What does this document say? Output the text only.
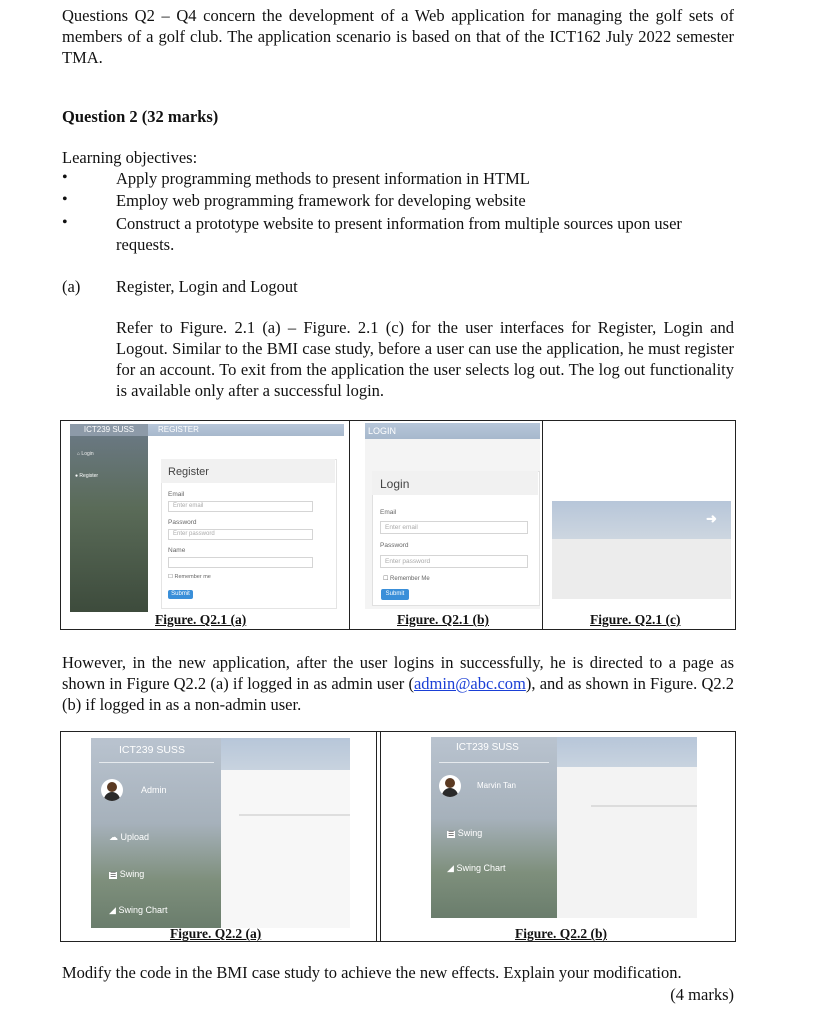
Questions Q2 – Q4 concern the development of a Web application for managing the golf sets of members of a golf club. The application scenario is based on that of the ICT162 July 2022 semester TMA.
Question 2 (32 marks)
Learning objectives:
•	Apply programming methods to present information in HTML
•	Employ web programming framework for developing website
•	Construct a prototype website to present information from multiple sources upon user requests.
(a) Register, Login and Logout
Refer to Figure. 2.1 (a) – Figure. 2.1 (c) for the user interfaces for Register, Login and Logout. Similar to the BMI case study, before a user can use the application, he must register for an account. To exit from the application the user selects log out. The log out functionality is available only after a successful login.
ICT239 SUSS	REGISTER
⌂ Login
● Register	Register
Email
Enter email
Password
Enter password
Name
☐ Remember me
Submit
LOGIN
Login
Email
Enter email
Password
Enter password
☐ Remember Me
Submit
➜
Figure. Q2.1 (a)	Figure. Q2.1 (b)	Figure. Q2.1 (c)
However, in the new application, after the user logins in successfully, he is directed to a page as shown in Figure Q2.2 (a) if logged in as admin user (admin@abc.com), and as shown in Figure. Q2.2 (b) if logged in as a non-admin user.
ICT239 SUSS
Admin
☁ Upload
☰ Swing
◢ Swing Chart
ICT239 SUSS
Marvin Tan
☰ Swing
◢ Swing Chart
Figure. Q2.2 (a)	Figure. Q2.2 (b)
Modify the code in the BMI case study to achieve the new effects. Explain your modification.
(4 marks)
